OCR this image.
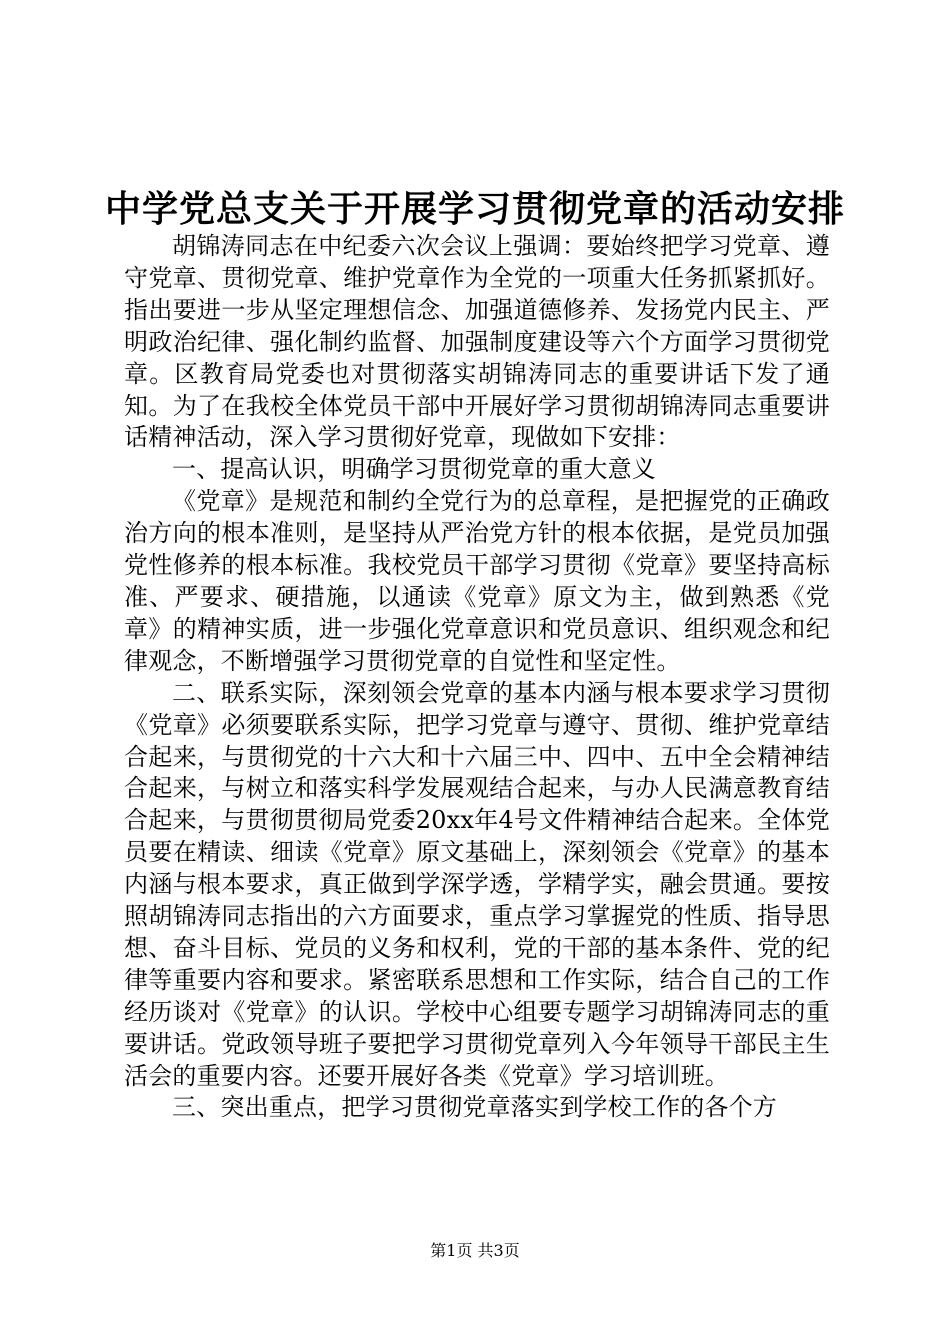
中学党总支关于开展学习贯彻党章的活动安排

胡锦涛同志在中纪委六次会议上强调：要始终把学习党章、遵守党章、贯彻党章、维护党章作为全党的一项重大任务抓紧抓好。指出要进一步从坚定理想信念、加强道德修养、发扬党内民主、严明政治纪律、强化制约监督、加强制度建设等六个方面学习贯彻党章。区教育局党委也对贯彻落实胡锦涛同志的重要讲话下发了通知。为了在我校全体党员干部中开展好学习贯彻胡锦涛同志重要讲话精神活动，深入学习贯彻好党章，现做如下安排：

一、提高认识，明确学习贯彻党章的重大意义

《党章》是规范和制约全党行为的总章程，是把握党的正确政治方向的根本准则，是坚持从严治党方针的根本依据，是党员加强党性修养的根本标准。我校党员干部学习贯彻《党章》要坚持高标准、严要求、硬措施，以通读《党章》原文为主，做到熟悉《党章》的精神实质，进一步强化党章意识和党员意识、组织观念和纪律观念，不断增强学习贯彻党章的自觉性和坚定性。

二、联系实际，深刻领会党章的基本内涵与根本要求学习贯彻《党章》必须要联系实际，把学习党章与遵守、贯彻、维护党章结合起来，与贯彻党的十六大和十六届三中、四中、五中全会精神结合起来，与树立和落实科学发展观结合起来，与办人民满意教育结合起来，与贯彻贯彻局党委20xx年4号文件精神结合起来。全体党员要在精读、细读《党章》原文基础上，深刻领会《党章》的基本内涵与根本要求，真正做到学深学透，学精学实，融会贯通。要按照胡锦涛同志指出的六方面要求，重点学习掌握党的性质、指导思想、奋斗目标、党员的义务和权利，党的干部的基本条件、党的纪律等重要内容和要求。紧密联系思想和工作实际，结合自己的工作经历谈对《党章》的认识。学校中心组要专题学习胡锦涛同志的重要讲话。党政领导班子要把学习贯彻党章列入今年领导干部民主生活会的重要内容。还要开展好各类《党章》学习培训班。

三、突出重点，把学习贯彻党章落实到学校工作的各个方

第1页 共3页
